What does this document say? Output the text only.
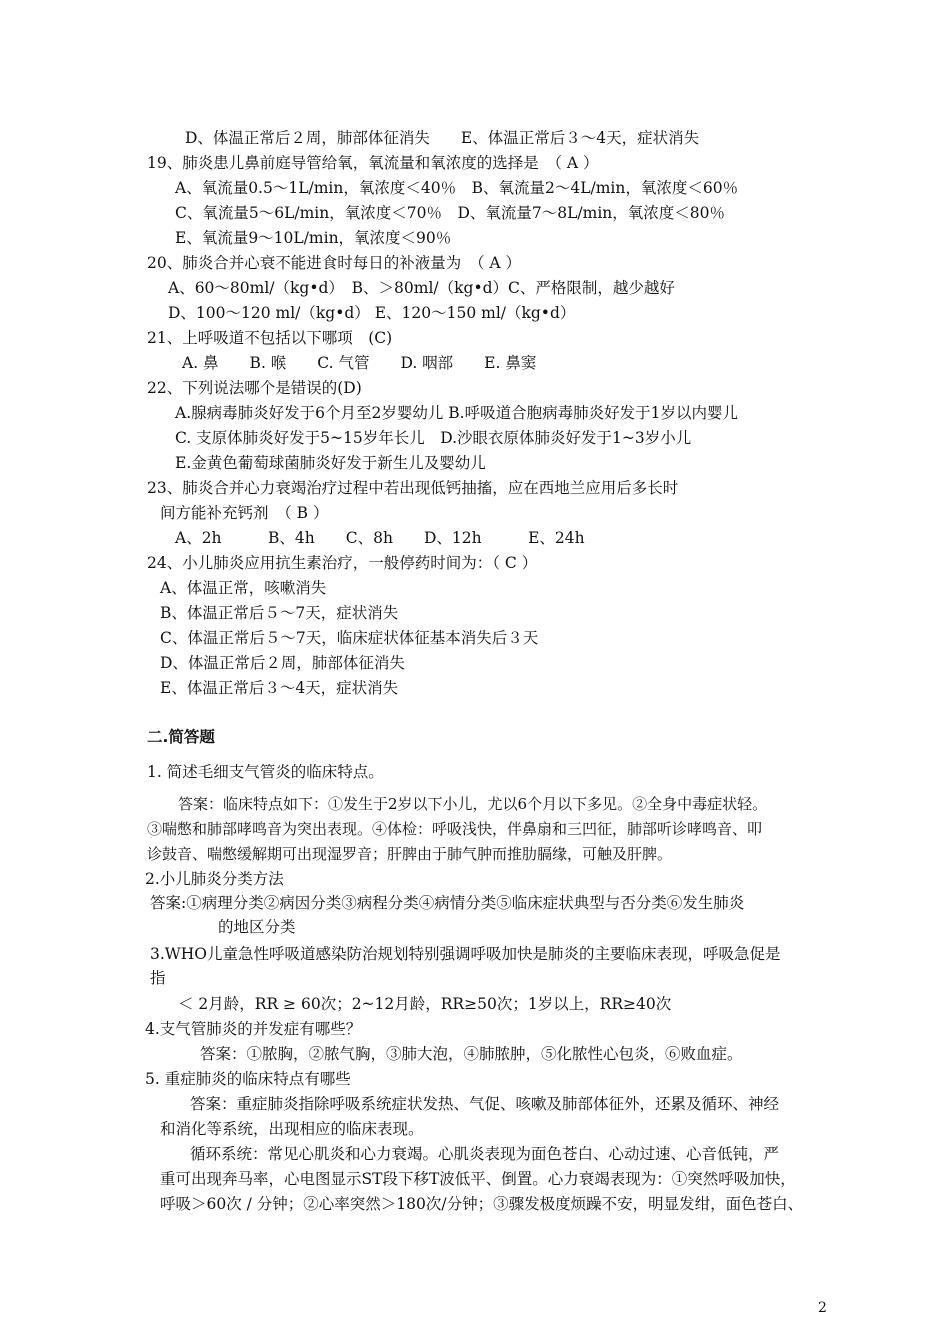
D、体温正常后２周，肺部体征消失　　E、体温正常后３～4天，症状消失
19、肺炎患儿鼻前庭导管给氧，氧流量和氧浓度的选择是　（ A ）
A、氧流量0.5～1L/min，氧浓度＜40％　B、氧流量2～4L/min，氧浓度＜60％
C、氧流量5～6L/min，氧浓度＜70％　D、氧流量7～8L/min，氧浓度＜80％
E、氧流量9～10L/min，氧浓度＜90％
20、肺炎合并心衰不能进食时每日的补液量为　（ A ）
A、60～80ml/（kg•d）　B、＞80ml/（kg•d）C、严格限制，越少越好
D、100～120 ml/（kg•d） E、120～150 ml/（kg•d）
21、上呼吸道不包括以下哪项　(C)
A. 鼻　　B. 喉　　C. 气管　　D. 咽部　　E. 鼻窦
22、下列说法哪个是错误的(D)
A.腺病毒肺炎好发于6个月至2岁婴幼儿 B.呼吸道合胞病毒肺炎好发于1岁以内婴儿
C. 支原体肺炎好发于5~15岁年长儿　D.沙眼衣原体肺炎好发于1~3岁小儿
E.金黄色葡萄球菌肺炎好发于新生儿及婴幼儿
23、肺炎合并心力衰竭治疗过程中若出现低钙抽搐，应在西地兰应用后多长时
间方能补充钙剂　（ B ）
A、2h　　　B、4h　　C、8h　　D、12h　　　E、24h
24、小儿肺炎应用抗生素治疗，一般停药时间为：（ C ）
A、体温正常，咳嗽消失
B、体温正常后５～7天，症状消失
C、体温正常后５～7天，临床症状体征基本消失后３天
D、体温正常后２周，肺部体征消失
E、体温正常后３～4天，症状消失
二.简答题
1. 简述毛细支气管炎的临床特点。
答案：临床特点如下：①发生于2岁以下小儿，尤以6个月以下多见。②全身中毒症状轻。
③喘憋和肺部哮鸣音为突出表现。④体检：呼吸浅快，伴鼻扇和三凹征，肺部听诊哮鸣音、叩
诊鼓音、喘憋缓解期可出现湿罗音；肝脾由于肺气肿而推肋膈缘，可触及肝脾。
2.小儿肺炎分类方法
答案:①病理分类②病因分类③病程分类④病情分类⑤临床症状典型与否分类⑥发生肺炎
的地区分类
3.WHO儿童急性呼吸道感染防治规划特别强调呼吸加快是肺炎的主要临床表现，呼吸急促是
指
＜ 2月龄，RR ≥ 60次；2~12月龄，RR≥50次；1岁以上，RR≥40次
4.支气管肺炎的并发症有哪些？
答案：①脓胸，②脓气胸，③肺大泡，④肺脓肿，⑤化脓性心包炎，⑥败血症。
5. 重症肺炎的临床特点有哪些
答案：重症肺炎指除呼吸系统症状发热、气促、咳嗽及肺部体征外，还累及循环、神经
和消化等系统，出现相应的临床表现。
循环系统：常见心肌炎和心力衰竭。心肌炎表现为面色苍白、心动过速、心音低钝，严
重可出现奔马率，心电图显示ST段下移T波低平、倒置。心力衰竭表现为：①突然呼吸加快，
呼吸＞60次 / 分钟；②心率突然＞180次/分钟；③骤发极度烦躁不安，明显发绀，面色苍白、
2
